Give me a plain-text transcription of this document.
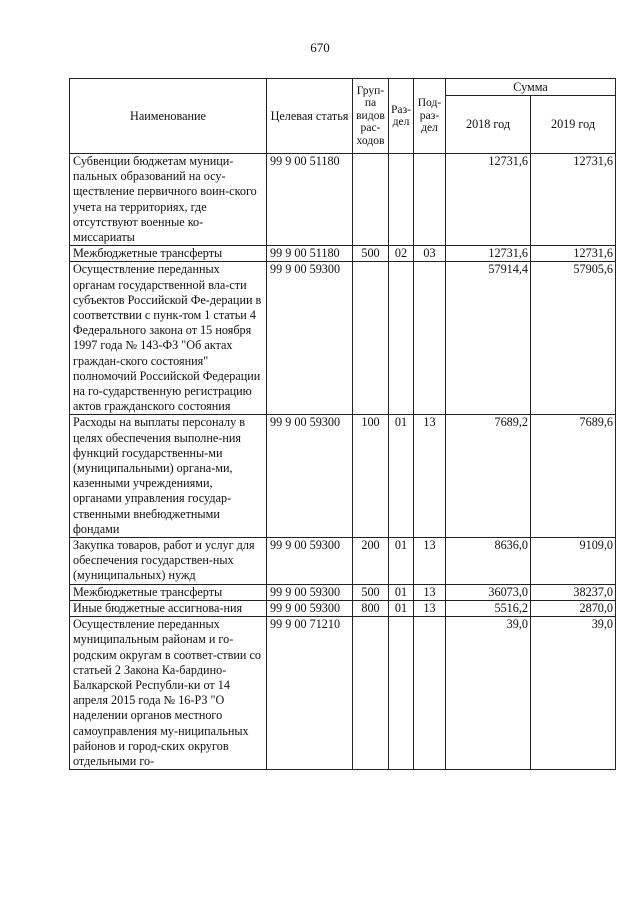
670
Наименование	Целевая статья	Груп-па видов рас-ходов	Раз-дел	Под-раз-дел	Сумма	
					2018 год	2019 год
Субвенции бюджетам муници-пальных образований на осу-ществление первичного воин-ского учета на территориях, где отсутствуют военные ко-миссариаты	99 9 00 51180				12731,6	12731,6
Межбюджетные трансферты	99 9 00 51180	500	02	03	12731,6	12731,6
Осуществление переданных органам государственной вла-сти субъектов Российской Фе-дерации в соответствии с пунк-том 1 статьи 4 Федерального закона от 15 ноября 1997 года № 143-ФЗ "Об актах граждан-ского состояния" полномочий Российской Федерации на го-сударственную регистрацию актов гражданского состояния	99 9 00 59300				57914,4	57905,6
Расходы на выплаты персоналу в целях обеспечения выполне-ния функций государственны-ми (муниципальными) органа-ми, казенными учреждениями, органами управления государ-ственными внебюджетными фондами	99 9 00 59300	100	01	13	7689,2	7689,6
Закупка товаров, работ и услуг для обеспечения государствен-ных (муниципальных) нужд	99 9 00 59300	200	01	13	8636,0	9109,0
Межбюджетные трансферты	99 9 00 59300	500	01	13	36073,0	38237,0
Иные бюджетные ассигнова-ния	99 9 00 59300	800	01	13	5516,2	2870,0
Осуществление переданных муниципальным районам и го-родским округам в соответ-ствии со статьей 2 Закона Ка-бардино-Балкарской Республи-ки от 14 апреля 2015 года № 16-РЗ "О наделении органов местного самоуправления му-ниципальных районов и город-ских округов отдельными го-	99 9 00 71210				39,0	39,0
